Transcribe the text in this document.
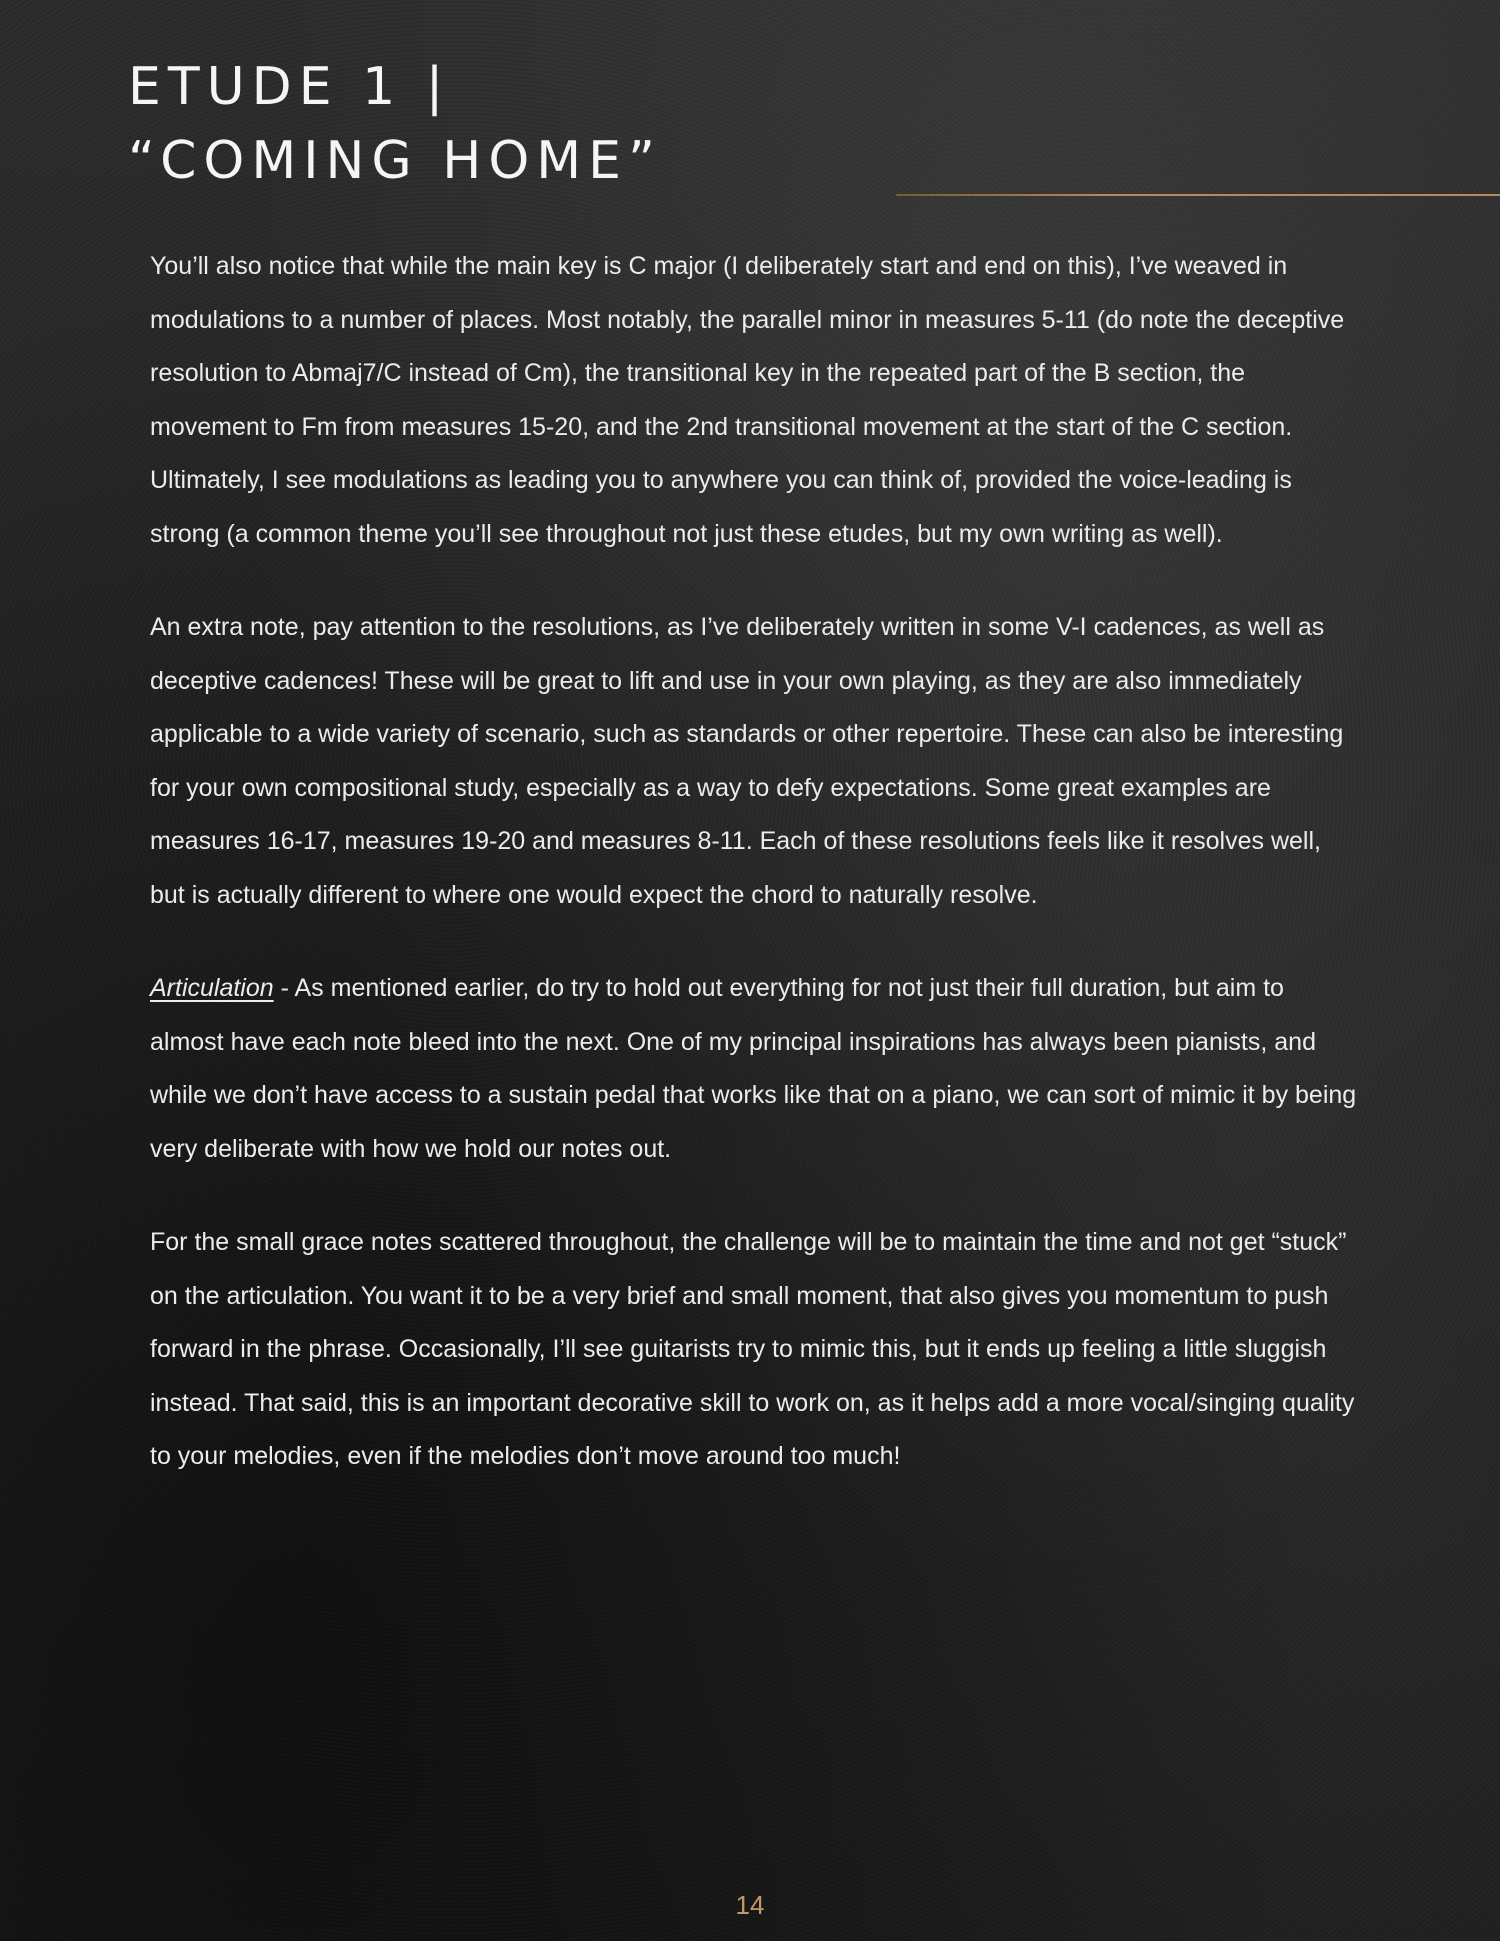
ETUDE 1 |
“COMING HOME”

You’ll also notice that while the main key is C major (I deliberately start and end on this), I’ve weaved in modulations to a number of places. Most notably, the parallel minor in measures 5-11 (do note the deceptive resolution to Abmaj7/C instead of Cm), the transitional key in the repeated part of the B section, the movement to Fm from measures 15-20, and the 2nd transitional movement at the start of the C section. Ultimately, I see modulations as leading you to anywhere you can think of, provided the voice-leading is strong (a common theme you’ll see throughout not just these etudes, but my own writing as well).

An extra note, pay attention to the resolutions, as I’ve deliberately written in some V-I cadences, as well as deceptive cadences! These will be great to lift and use in your own playing, as they are also immediately applicable to a wide variety of scenario, such as standards or other repertoire. These can also be interesting for your own compositional study, especially as a way to defy expectations. Some great examples are measures 16-17, measures 19-20 and measures 8-11. Each of these resolutions feels like it resolves well, but is actually different to where one would expect the chord to naturally resolve.

Articulation - As mentioned earlier, do try to hold out everything for not just their full duration, but aim to almost have each note bleed into the next. One of my principal inspirations has always been pianists, and while we don’t have access to a sustain pedal that works like that on a piano, we can sort of mimic it by being very deliberate with how we hold our notes out.

For the small grace notes scattered throughout, the challenge will be to maintain the time and not get “stuck” on the articulation. You want it to be a very brief and small moment, that also gives you momentum to push forward in the phrase. Occasionally, I’ll see guitarists try to mimic this, but it ends up feeling a little sluggish instead. That said, this is an important decorative skill to work on, as it helps add a more vocal/singing quality to your melodies, even if the melodies don’t move around too much!

14
